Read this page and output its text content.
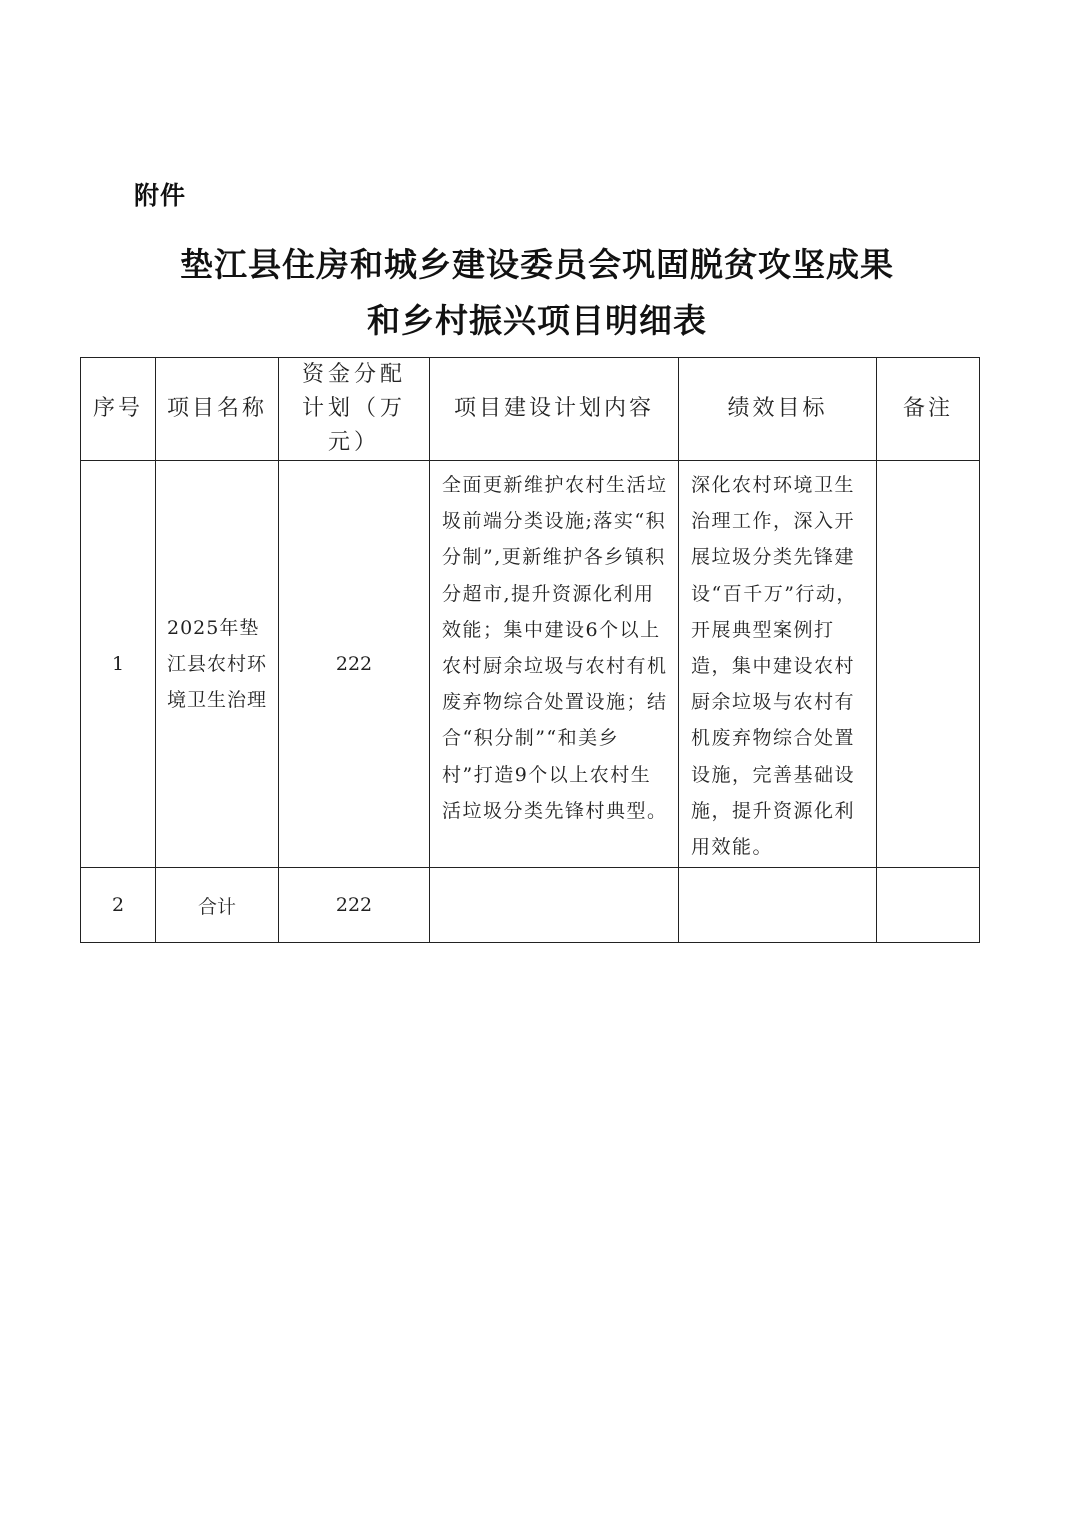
附件
垫江县住房和城乡建设委员会巩固脱贫攻坚成果
和乡村振兴项目明细表
序号	项目名称	资金分配计划（万元）	项目建设计划内容	绩效目标	备注
1	2025年垫江县农村环境卫生治理	222	全面更新维护农村生活垃圾前端分类设施;落实“积分制”,更新维护各乡镇积分超市,提升资源化利用效能；集中建设6个以上农村厨余垃圾与农村有机废弃物综合处置设施；结合“积分制”“和美乡村”打造9个以上农村生活垃圾分类先锋村典型。	深化农村环境卫生治理工作，深入开展垃圾分类先锋建设“百千万”行动，开展典型案例打造，集中建设农村厨余垃圾与农村有机废弃物综合处置设施，完善基础设施，提升资源化利用效能。	
2	合计	222			
